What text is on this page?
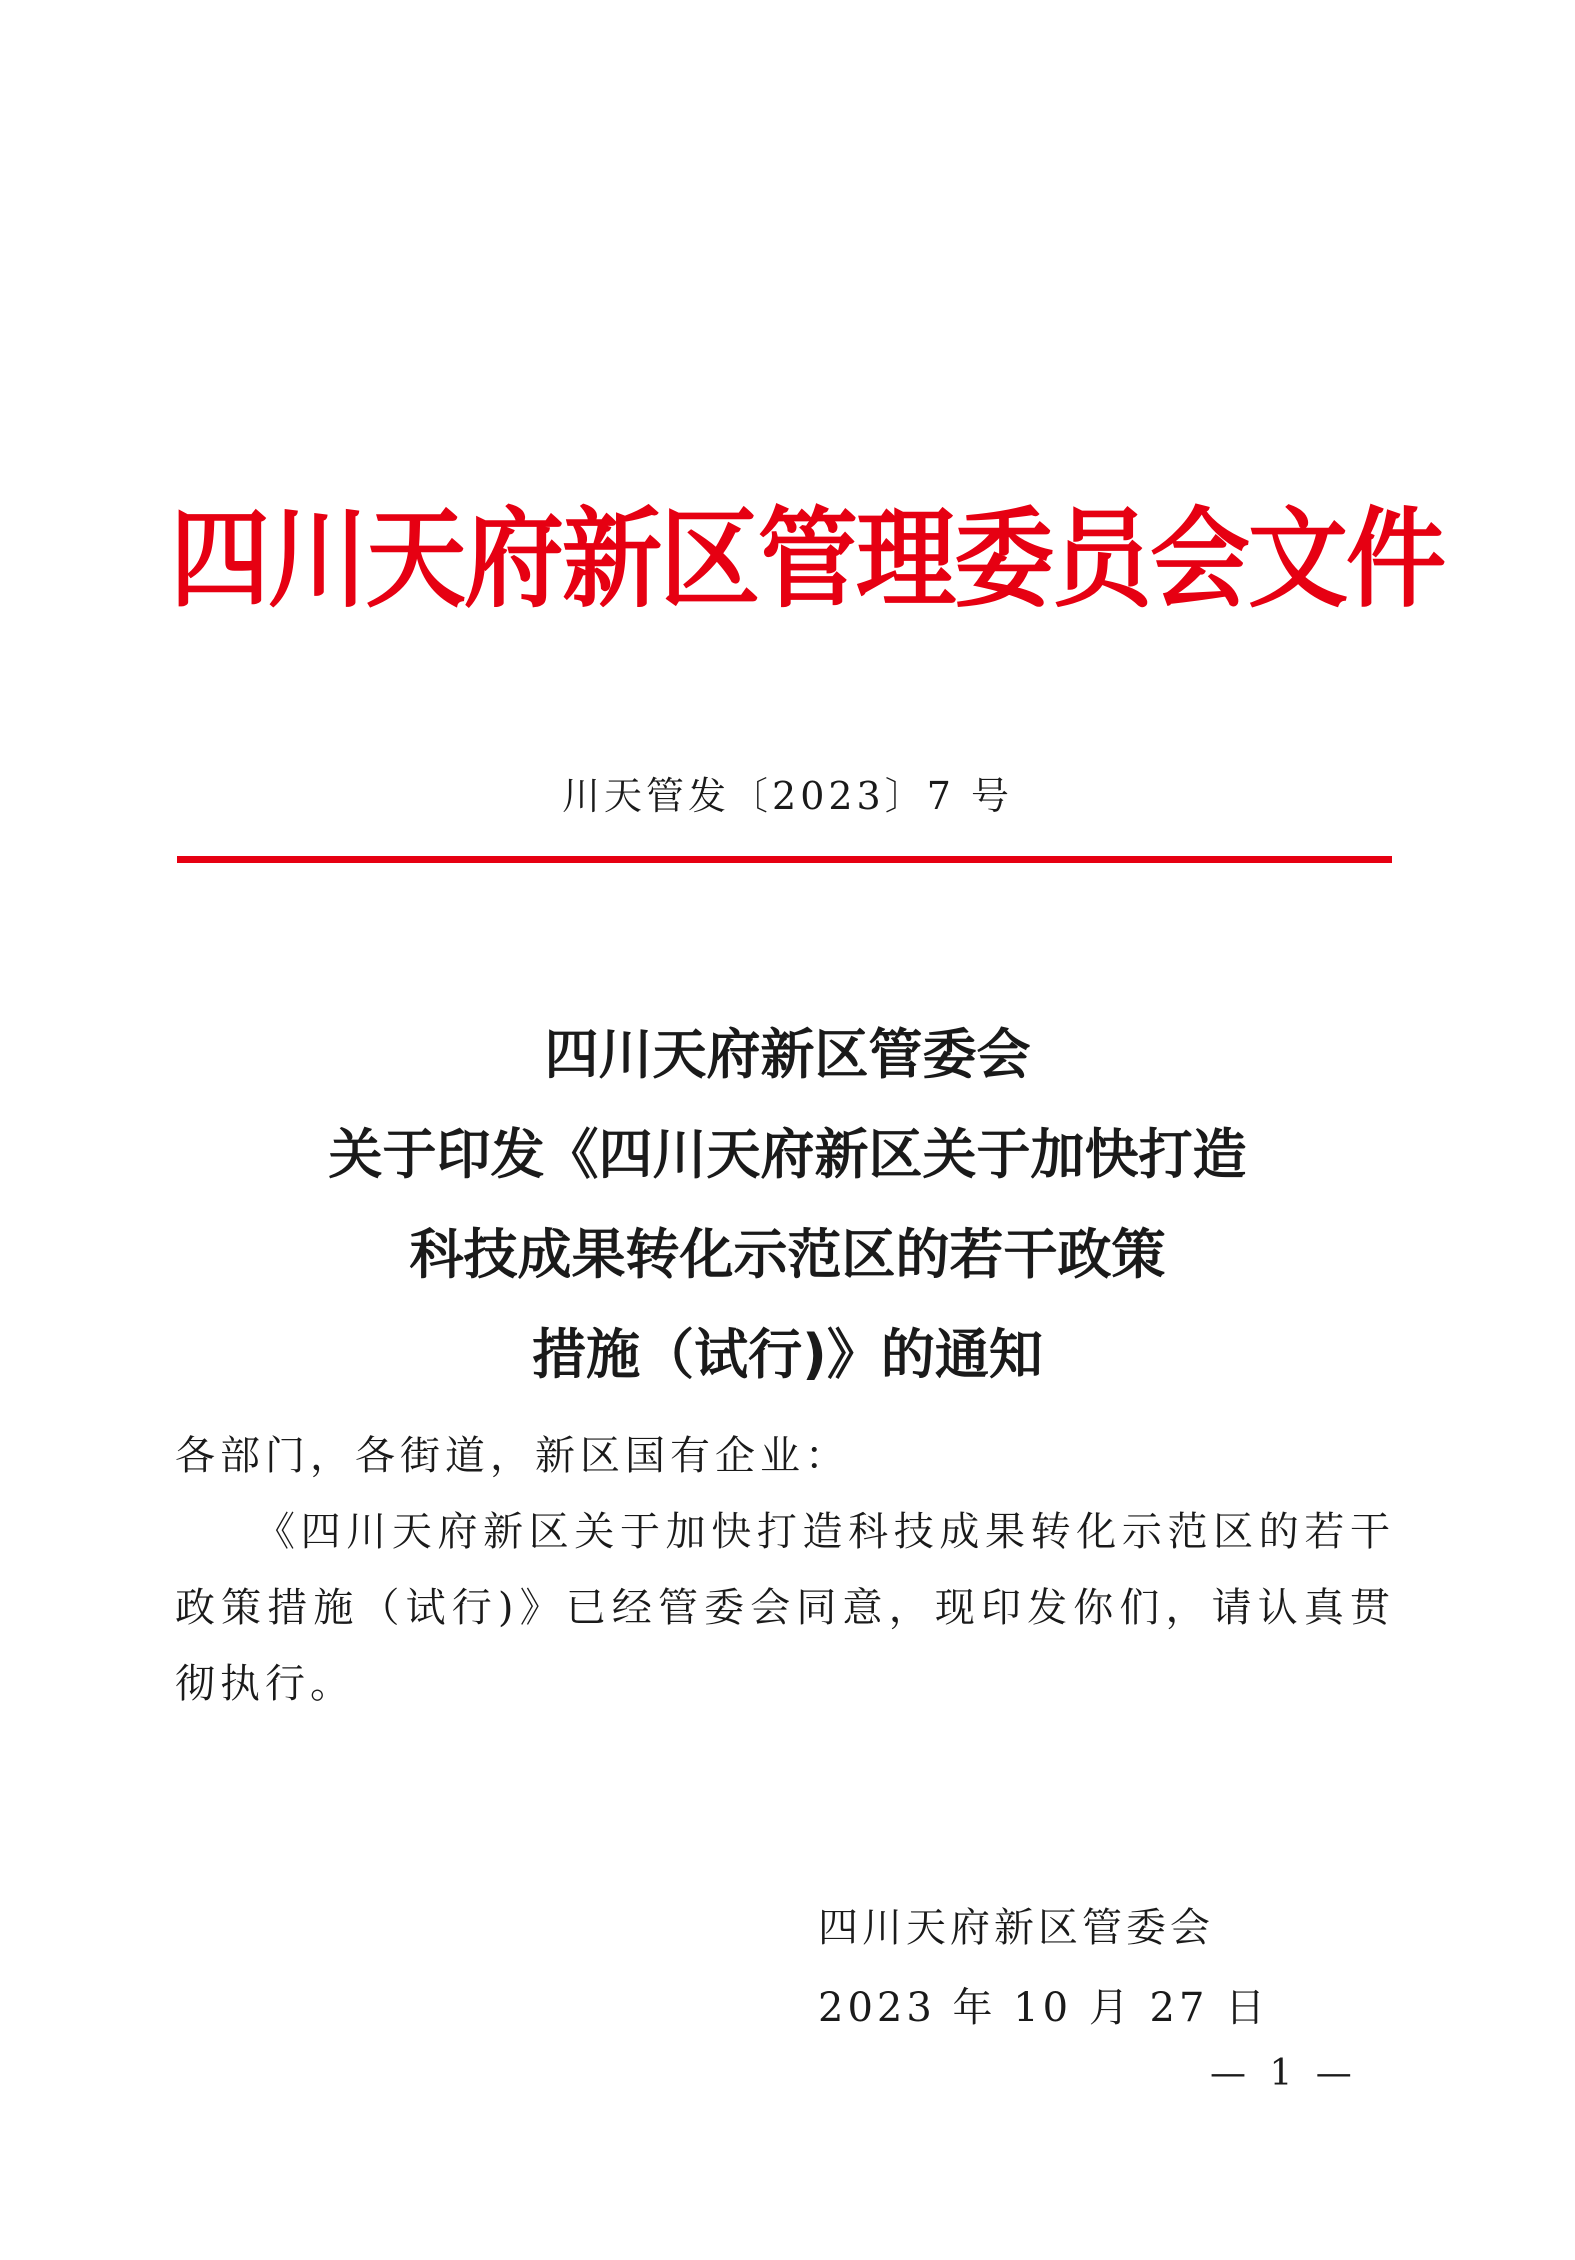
四川天府新区管理委员会文件
川天管发〔2023〕7 号
四川天府新区管委会
关于印发《四川天府新区关于加快打造
科技成果转化示范区的若干政策
措施（试行)》的通知
各部门，各街道，新区国有企业：
《四川天府新区关于加快打造科技成果转化示范区的若干政策措施（试行)》已经管委会同意，现印发你们，请认真贯彻执行。
四川天府新区管委会
2023 年 10 月 27 日
— 1 —
